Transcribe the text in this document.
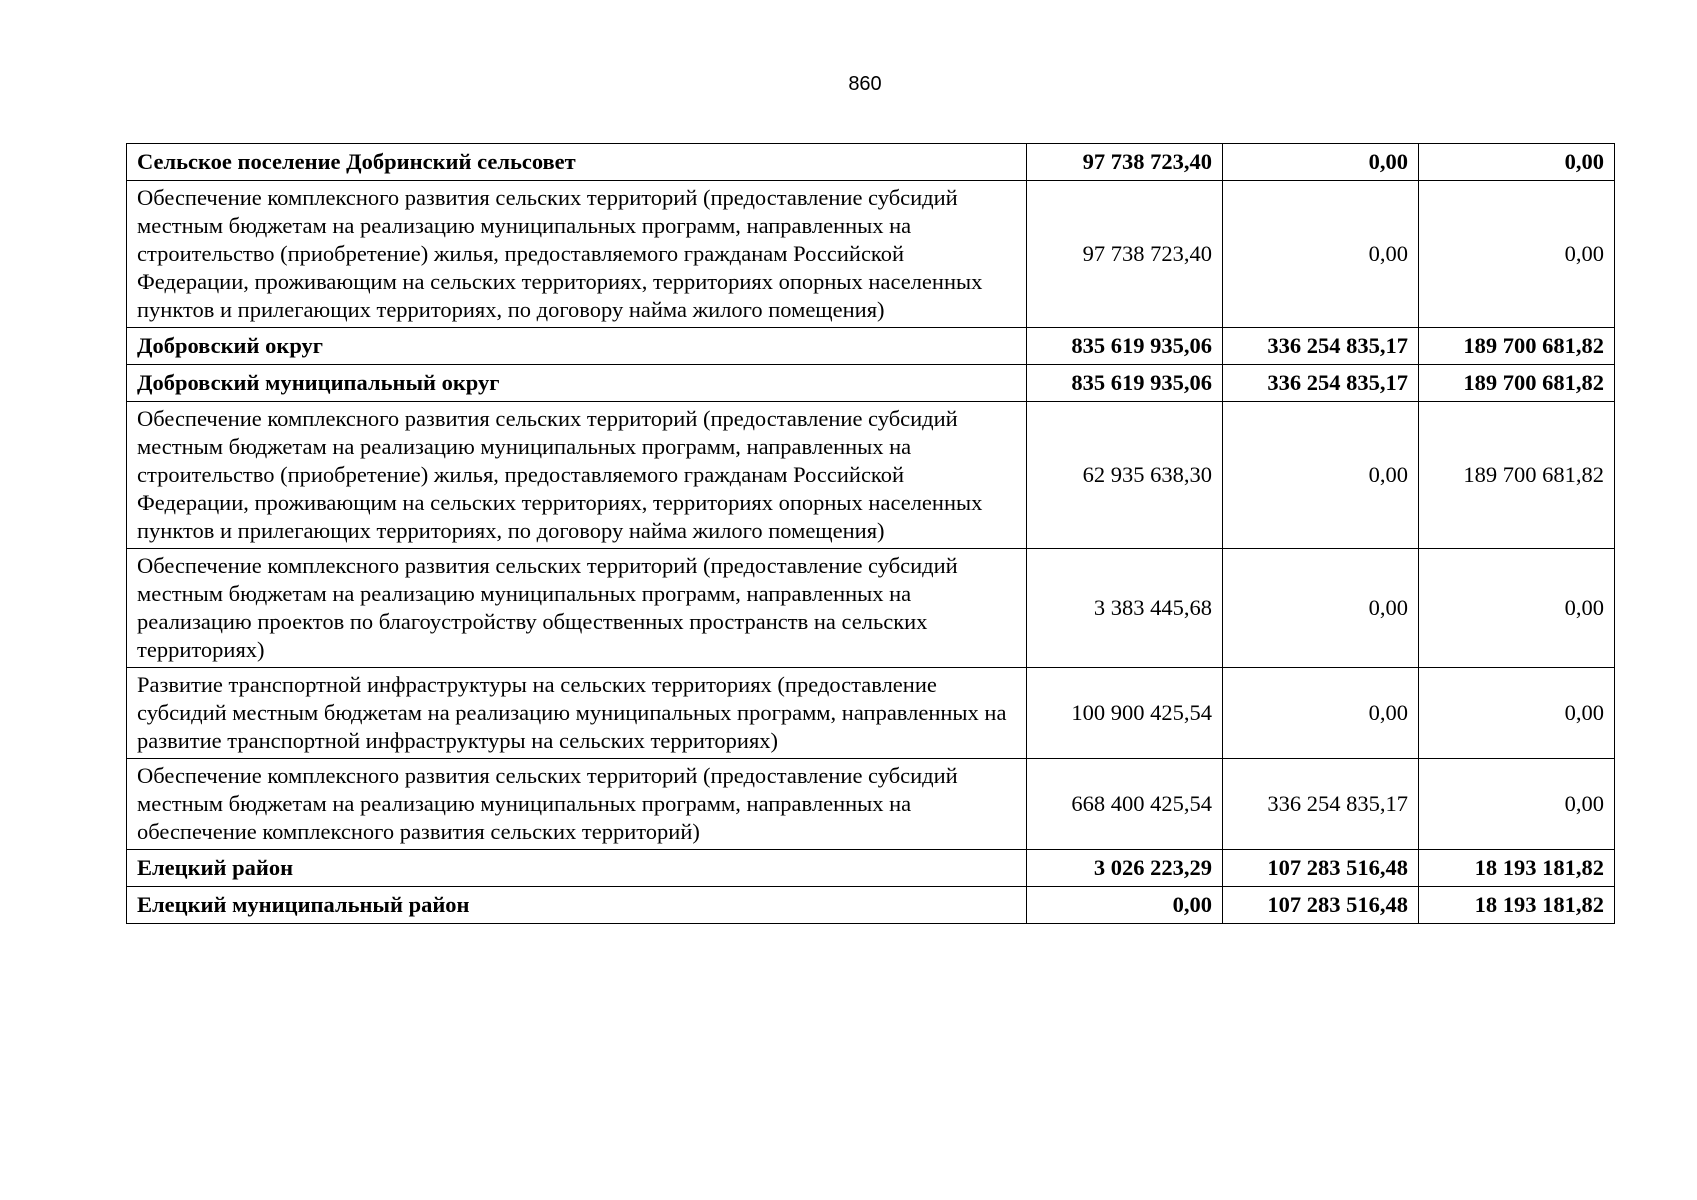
860
Сельское поселение Добринский сельсовет	97 738 723,40	0,00	0,00
Обеспечение комплексного развития сельских территорий (предоставление субсидий местным бюджетам на реализацию муниципальных программ, направленных на строительство (приобретение) жилья, предоставляемого гражданам Российской Федерации, проживающим на сельских территориях, территориях опорных населенных пунктов и прилегающих территориях, по договору найма жилого помещения)	97 738 723,40	0,00	0,00
Добровский округ	835 619 935,06	336 254 835,17	189 700 681,82
Добровский муниципальный округ	835 619 935,06	336 254 835,17	189 700 681,82
Обеспечение комплексного развития сельских территорий (предоставление субсидий местным бюджетам на реализацию муниципальных программ, направленных на строительство (приобретение) жилья, предоставляемого гражданам Российской Федерации, проживающим на сельских территориях, территориях опорных населенных пунктов и прилегающих территориях, по договору найма жилого помещения)	62 935 638,30	0,00	189 700 681,82
Обеспечение комплексного развития сельских территорий (предоставление субсидий местным бюджетам на реализацию муниципальных программ, направленных на реализацию проектов по благоустройству общественных пространств на сельских территориях)	3 383 445,68	0,00	0,00
Развитие транспортной инфраструктуры на сельских территориях (предоставление субсидий местным бюджетам на реализацию муниципальных программ, направленных на развитие транспортной инфраструктуры на сельских территориях)	100 900 425,54	0,00	0,00
Обеспечение комплексного развития сельских территорий (предоставление субсидий местным бюджетам на реализацию муниципальных программ, направленных на обеспечение комплексного развития сельских территорий)	668 400 425,54	336 254 835,17	0,00
Елецкий район	3 026 223,29	107 283 516,48	18 193 181,82
Елецкий муниципальный район	0,00	107 283 516,48	18 193 181,82
